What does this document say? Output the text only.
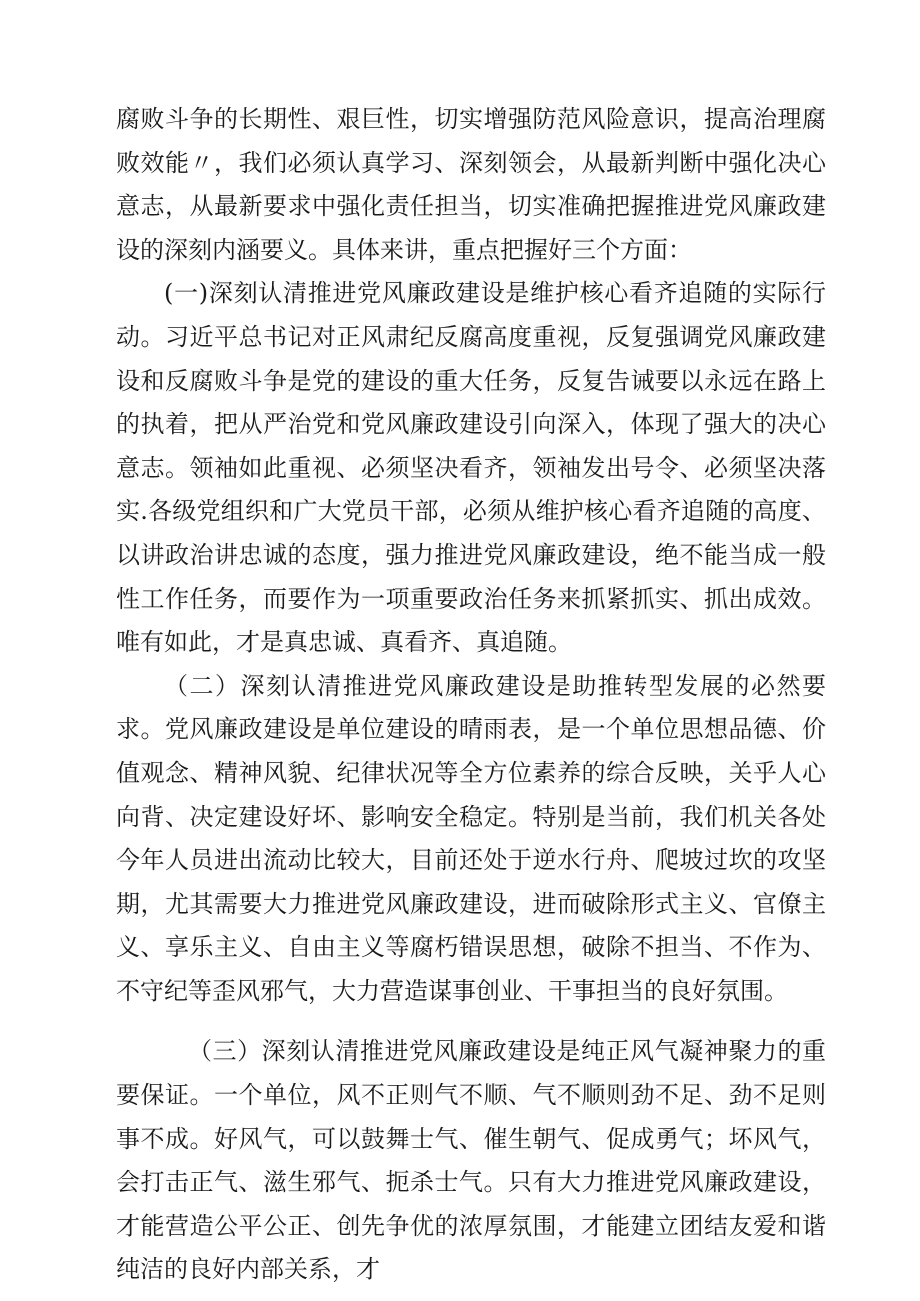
腐败斗争的长期性、艰巨性，切实增强防范风险意识，提高治理腐败效能〃，我们必须认真学习、深刻领会，从最新判断中强化决心意志，从最新要求中强化责任担当，切实准确把握推进党风廉政建设的深刻内涵要义。具体来讲，重点把握好三个方面：

(一)深刻认清推进党风廉政建设是维护核心看齐追随的实际行动。习近平总书记对正风肃纪反腐高度重视，反复强调党风廉政建设和反腐败斗争是党的建设的重大任务，反复告诫要以永远在路上的执着，把从严治党和党风廉政建设引向深入，体现了强大的决心意志。领袖如此重视、必须坚决看齐，领袖发出号令、必须坚决落实.各级党组织和广大党员干部，必须从维护核心看齐追随的高度、以讲政治讲忠诚的态度，强力推进党风廉政建设，绝不能当成一般性工作任务，而要作为一项重要政治任务来抓紧抓实、抓出成效。唯有如此，才是真忠诚、真看齐、真追随。

（二）深刻认清推进党风廉政建设是助推转型发展的必然要求。党风廉政建设是单位建设的晴雨表，是一个单位思想品德、价值观念、精神风貌、纪律状况等全方位素养的综合反映，关乎人心向背、决定建设好坏、影响安全稳定。特别是当前，我们机关各处今年人员进出流动比较大，目前还处于逆水行舟、爬坡过坎的攻坚期，尤其需要大力推进党风廉政建设，进而破除形式主义、官僚主义、享乐主义、自由主义等腐朽错误思想，破除不担当、不作为、不守纪等歪风邪气，大力营造谋事创业、干事担当的良好氛围。

（三）深刻认清推进党风廉政建设是纯正风气凝神聚力的重要保证。一个单位，风不正则气不顺、气不顺则劲不足、劲不足则事不成。好风气，可以鼓舞士气、催生朝气、促成勇气；坏风气，会打击正气、滋生邪气、扼杀士气。只有大力推进党风廉政建设，才能营造公平公正、创先争优的浓厚氛围，才能建立团结友爱和谐纯洁的良好内部关系，才
